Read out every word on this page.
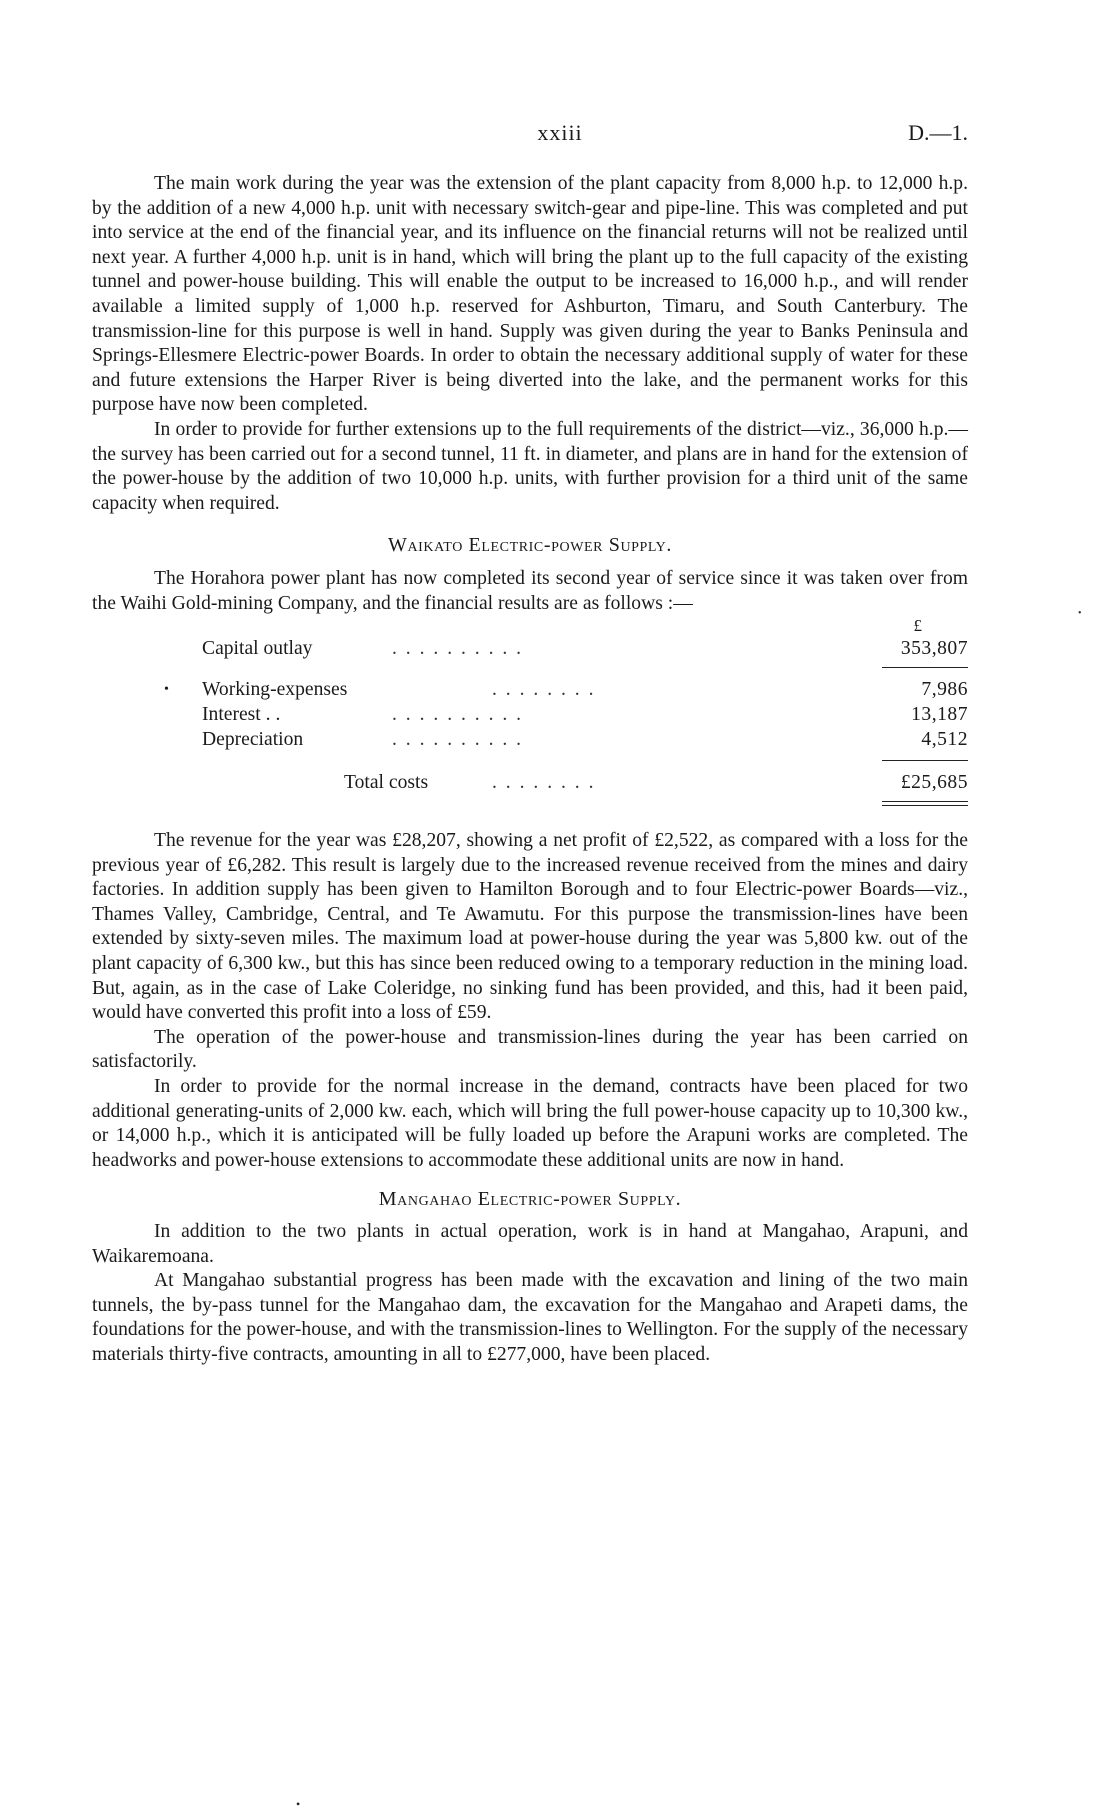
xxiii	D.—1.

The main work during the year was the extension of the plant capacity from 8,000 h.p. to 12,000 h.p. by the addition of a new 4,000 h.p. unit with necessary switch-gear and pipe-line. This was completed and put into service at the end of the financial year, and its influence on the financial returns will not be realized until next year. A further 4,000 h.p. unit is in hand, which will bring the plant up to the full capacity of the existing tunnel and power-house building. This will enable the output to be increased to 16,000 h.p., and will render available a limited supply of 1,000 h.p. reserved for Ashburton, Timaru, and South Canterbury. The transmission-line for this purpose is well in hand. Supply was given during the year to Banks Peninsula and Springs-Ellesmere Electric-power Boards. In order to obtain the necessary additional supply of water for these and future extensions the Harper River is being diverted into the lake, and the permanent works for this purpose have now been completed.

In order to provide for further extensions up to the full requirements of the district—viz., 36,000 h.p.—the survey has been carried out for a second tunnel, 11 ft. in diameter, and plans are in hand for the extension of the power-house by the addition of two 10,000 h.p. units, with further provision for a third unit of the same capacity when required.

Waikato Electric-power Supply.

The Horahora power plant has now completed its second year of service since it was taken over from the Waihi Gold-mining Company, and the financial results are as follows :—

£
Capital outlay	. . . . . . . . . .	353,807
• Working-expenses	. . . . . . . .	7,986
Interest . .	. . . . . . . . . .	13,187
Depreciation	. . . . . . . . . .	4,512
Total costs	. . . . . . . .	£25,685

The revenue for the year was £28,207, showing a net profit of £2,522, as compared with a loss for the previous year of £6,282. This result is largely due to the increased revenue received from the mines and dairy factories. In addition supply has been given to Hamilton Borough and to four Electric-power Boards—viz., Thames Valley, Cambridge, Central, and Te Awamutu. For this purpose the transmission-lines have been extended by sixty-seven miles. The maximum load at power-house during the year was 5,800 kw. out of the plant capacity of 6,300 kw., but this has since been reduced owing to a temporary reduction in the mining load. But, again, as in the case of Lake Coleridge, no sinking fund has been provided, and this, had it been paid, would have converted this profit into a loss of £59.

The operation of the power-house and transmission-lines during the year has been carried on satisfactorily.

In order to provide for the normal increase in the demand, contracts have been placed for two additional generating-units of 2,000 kw. each, which will bring the full power-house capacity up to 10,300 kw., or 14,000 h.p., which it is anticipated will be fully loaded up before the Arapuni works are completed. The headworks and power-house extensions to accommodate these additional units are now in hand.

Mangahao Electric-power Supply.

In addition to the two plants in actual operation, work is in hand at Mangahao, Arapuni, and Waikaremoana.

At Mangahao substantial progress has been made with the excavation and lining of the two main tunnels, the by-pass tunnel for the Mangahao dam, the excavation for the Mangahao and Arapeti dams, the foundations for the power-house, and with the transmission-lines to Wellington. For the supply of the necessary materials thirty-five contracts, amounting in all to £277,000, have been placed.

•
•
